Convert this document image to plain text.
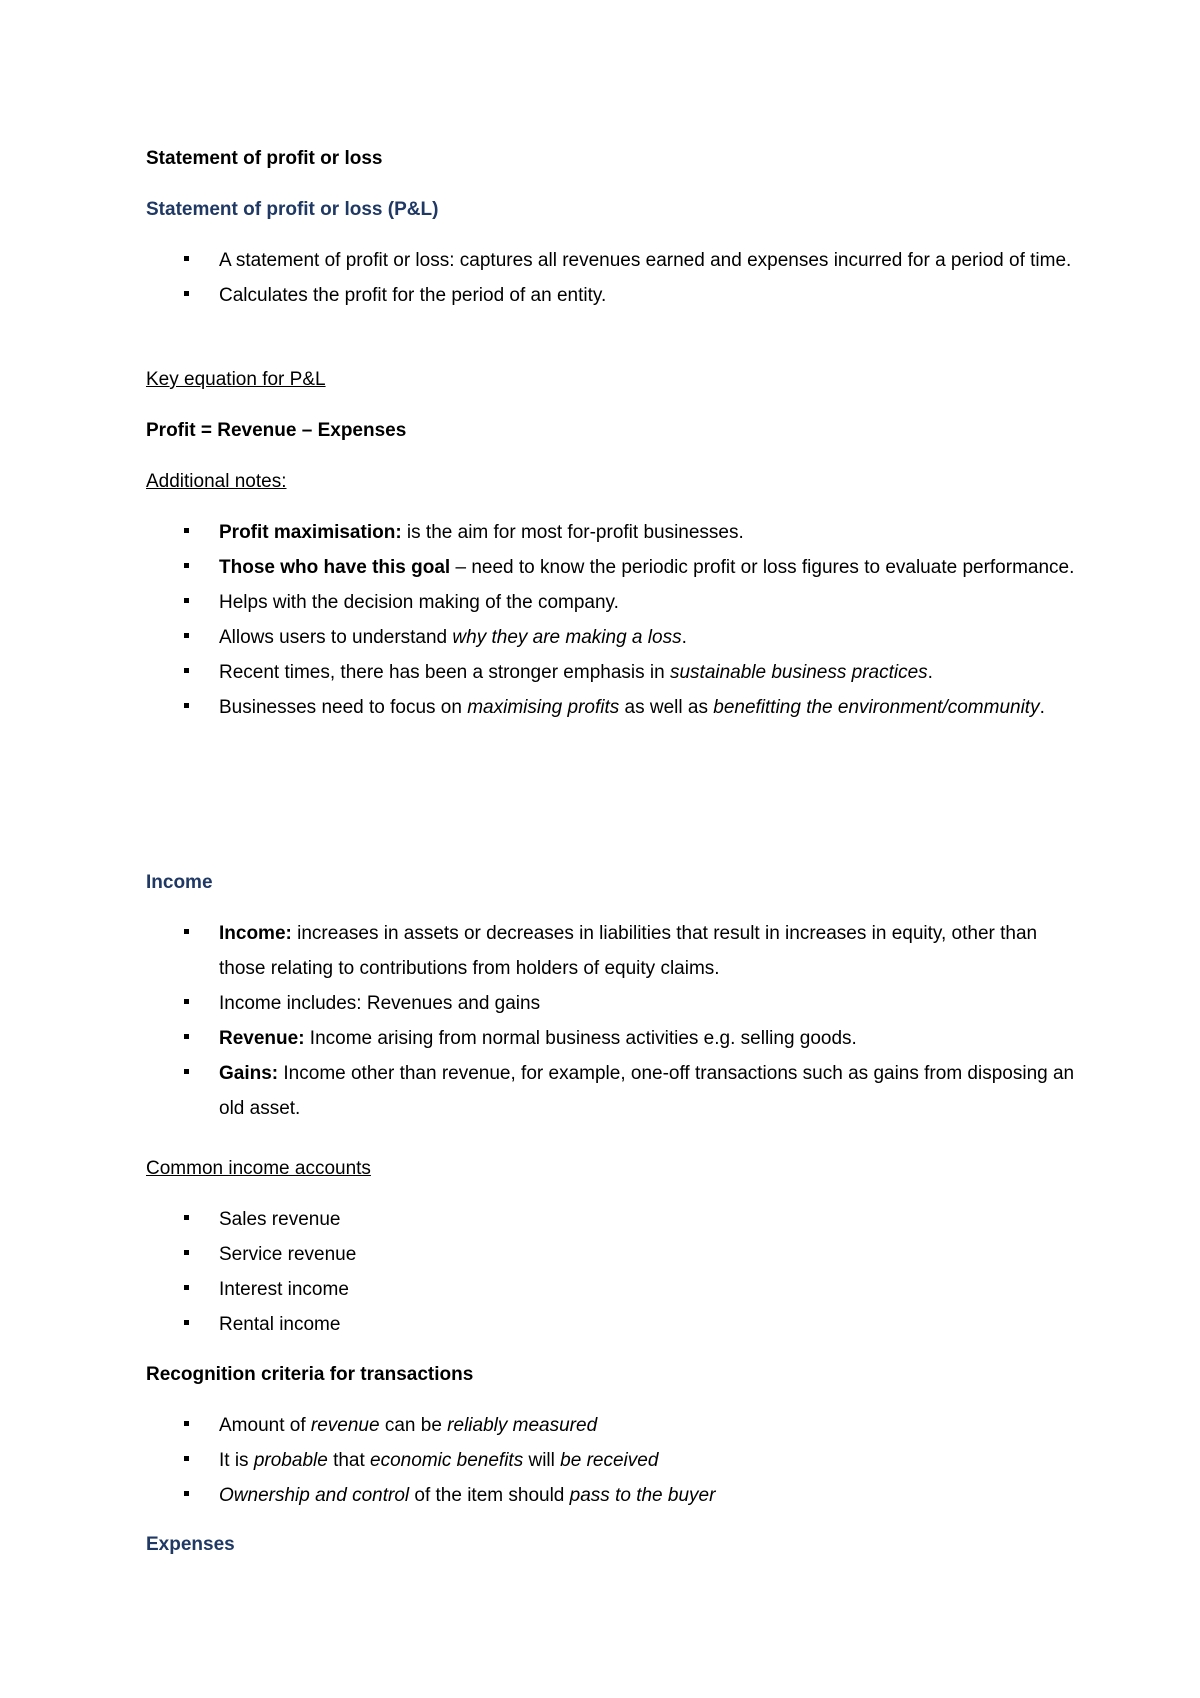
Statement of profit or loss
Statement of profit or loss (P&L)
A statement of profit or loss: captures all revenues earned and expenses incurred for a period of time.
Calculates the profit for the period of an entity.
Key equation for P&L
Profit = Revenue – Expenses
Additional notes:
Profit maximisation: is the aim for most for-profit businesses.
Those who have this goal – need to know the periodic profit or loss figures to evaluate performance.
Helps with the decision making of the company.
Allows users to understand why they are making a loss.
Recent times, there has been a stronger emphasis in sustainable business practices.
Businesses need to focus on maximising profits as well as benefitting the environment/community.
Income
Income: increases in assets or decreases in liabilities that result in increases in equity, other than those relating to contributions from holders of equity claims.
Income includes: Revenues and gains
Revenue: Income arising from normal business activities e.g. selling goods.
Gains: Income other than revenue, for example, one-off transactions such as gains from disposing an old asset.
Common income accounts
Sales revenue
Service revenue
Interest income
Rental income
Recognition criteria for transactions
Amount of revenue can be reliably measured
It is probable that economic benefits will be received
Ownership and control of the item should pass to the buyer
Expenses
